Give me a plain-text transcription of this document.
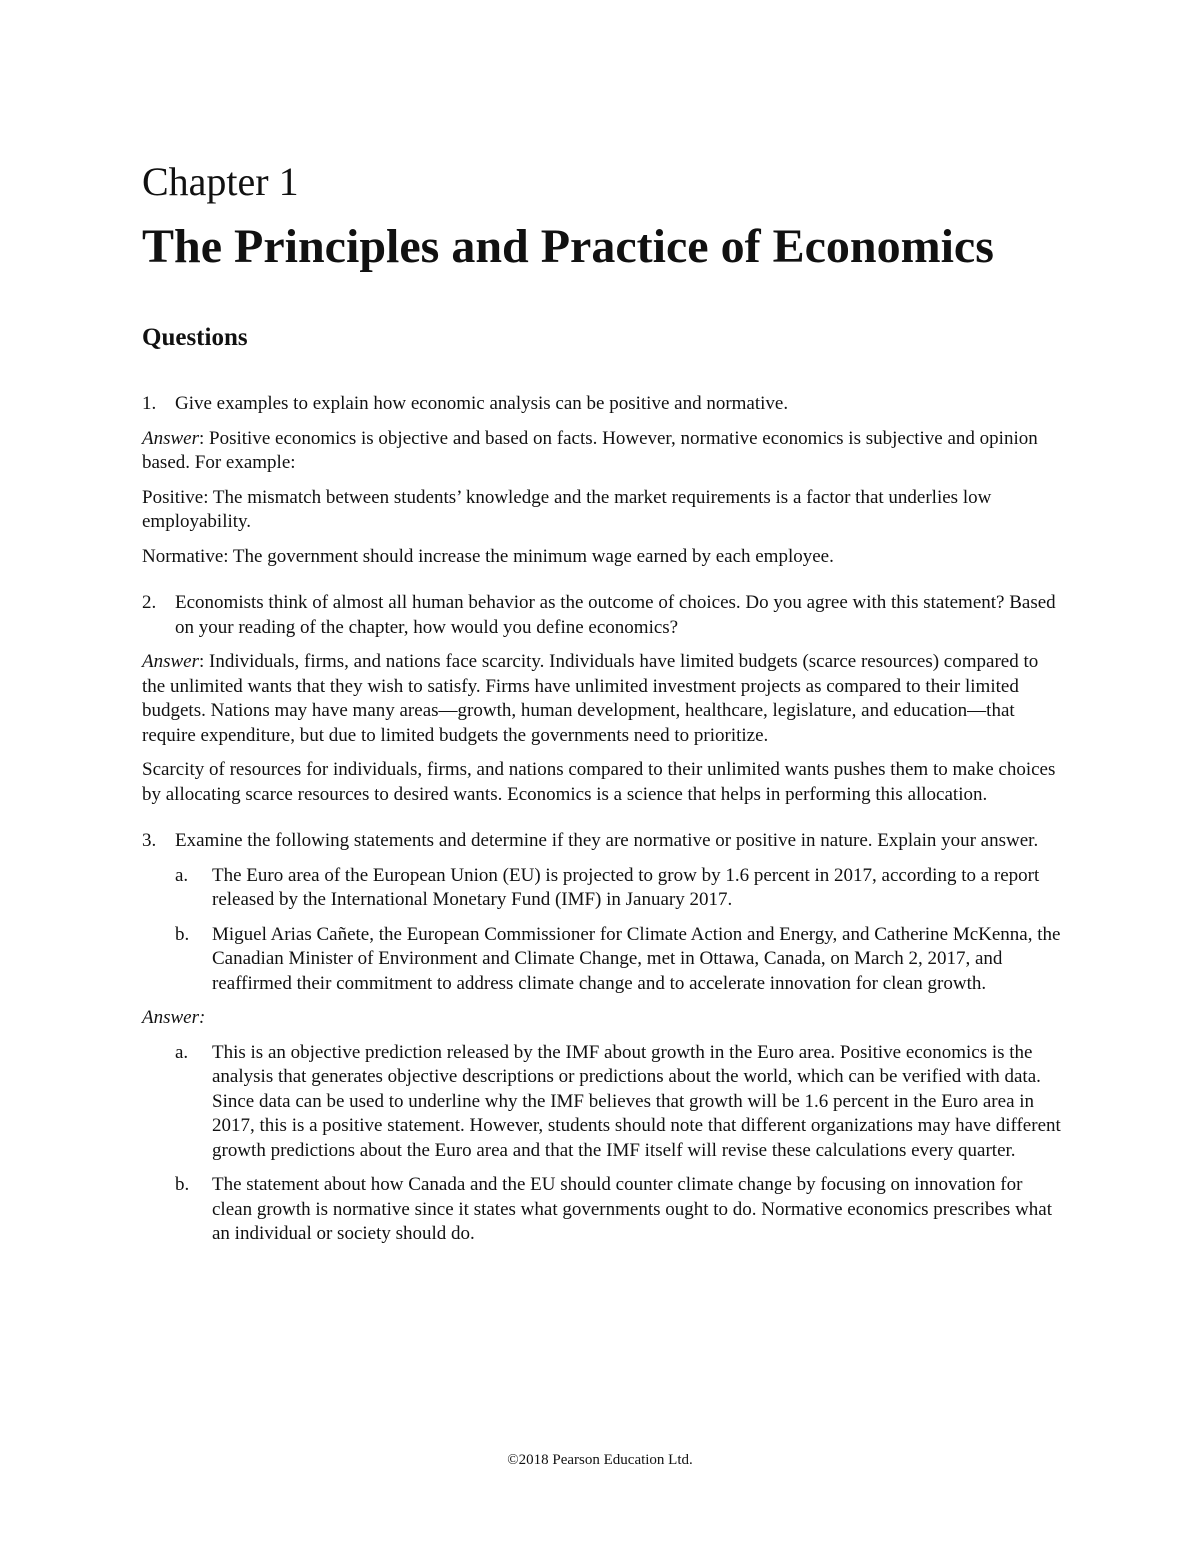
Chapter 1
The Principles and Practice of Economics
Questions
1. Give examples to explain how economic analysis can be positive and normative.

Answer: Positive economics is objective and based on facts. However, normative economics is subjective and opinion based. For example:

Positive: The mismatch between students’ knowledge and the market requirements is a factor that underlies low employability.

Normative: The government should increase the minimum wage earned by each employee.

2. Economists think of almost all human behavior as the outcome of choices. Do you agree with this statement? Based on your reading of the chapter, how would you define economics?

Answer: Individuals, firms, and nations face scarcity. Individuals have limited budgets (scarce resources) compared to the unlimited wants that they wish to satisfy. Firms have unlimited investment projects as compared to their limited budgets. Nations may have many areas—growth, human development, healthcare, legislature, and education—that require expenditure, but due to limited budgets the governments need to prioritize.

Scarcity of resources for individuals, firms, and nations compared to their unlimited wants pushes them to make choices by allocating scarce resources to desired wants. Economics is a science that helps in performing this allocation.

3. Examine the following statements and determine if they are normative or positive in nature. Explain your answer.
a. The Euro area of the European Union (EU) is projected to grow by 1.6 percent in 2017, according to a report released by the International Monetary Fund (IMF) in January 2017.
b. Miguel Arias Cañete, the European Commissioner for Climate Action and Energy, and Catherine McKenna, the Canadian Minister of Environment and Climate Change, met in Ottawa, Canada, on March 2, 2017, and reaffirmed their commitment to address climate change and to accelerate innovation for clean growth.

Answer:

a. This is an objective prediction released by the IMF about growth in the Euro area. Positive economics is the analysis that generates objective descriptions or predictions about the world, which can be verified with data. Since data can be used to underline why the IMF believes that growth will be 1.6 percent in the Euro area in 2017, this is a positive statement. However, students should note that different organizations may have different growth predictions about the Euro area and that the IMF itself will revise these calculations every quarter.
b. The statement about how Canada and the EU should counter climate change by focusing on innovation for clean growth is normative since it states what governments ought to do. Normative economics prescribes what an individual or society should do.
©2018 Pearson Education Ltd.
